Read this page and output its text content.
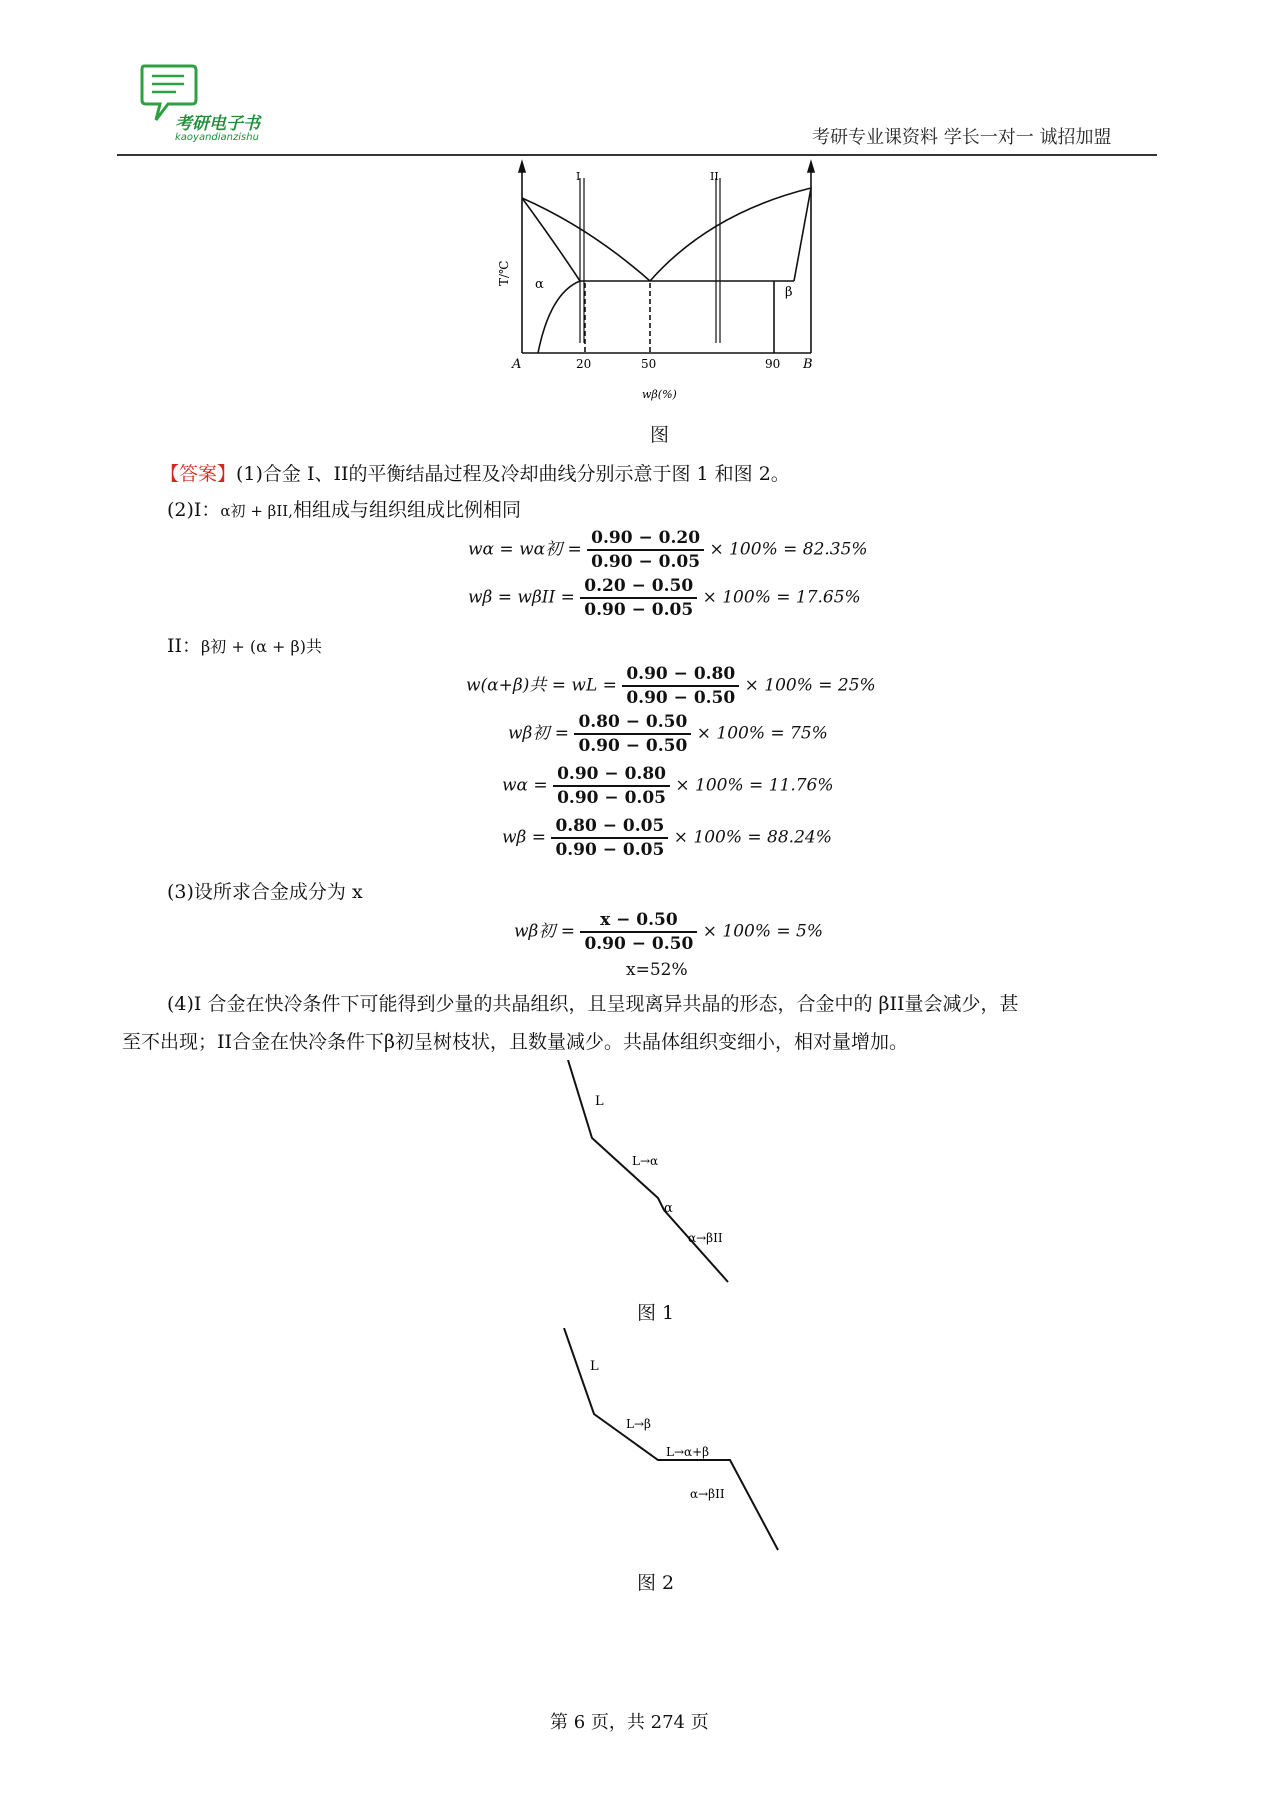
考研电子书
kaoyandianzishu	考研专业课资料 学长一对一 诚招加盟
I	II
T/℃ α
β
A	20	50	90 B
wβ(%)
图
【答案】(1)合金 I、II的平衡结晶过程及冷却曲线分别示意于图 1 和图 2。
(2)I：α初 + βII,相组成与组织组成比例相同
wα = wα初 = $\frac{0.90 - 0.20}{0.90 - 0.05} \times 100\% = 82.35\%$
$w\beta = w\beta II = \frac{0.20 - 0.50}{0.90 - 0.05} \times 100\% = 17.65\%$
II：β初 + (α + β)共
w(α+β)共 = wL = $\frac{0.90 - 0.80}{0.90 - 0.50} \times 100\% = 25\%$
wβ初 = $\frac{0.80 - 0.50}{0.90 - 0.50} \times 100\% = 75\%$
$w\alpha = \frac{0.90 - 0.80}{0.90 - 0.05} \times 100\% = 11.76\%$
$w\beta = \frac{0.80 - 0.05}{0.90 - 0.05} \times 100\% = 88.24\%$
(3)设所求合金成分为 x
wβ初 = $\frac{x - 0.50}{0.90 - 0.50} \times 100\% = 5\%$
x=52%
(4)I 合金在快冷条件下可能得到少量的共晶组织，且呈现离异共晶的形态，合金中的 βII量会减少，甚
至不出现；II合金在快冷条件下β初呈树枝状，且数量减少。共晶体组织变细小，相对量增加。
L
L→α
α
α→βII
图 1
L
L→β
L→α+β
α→βII
图 2
第 6 页，共 274 页
